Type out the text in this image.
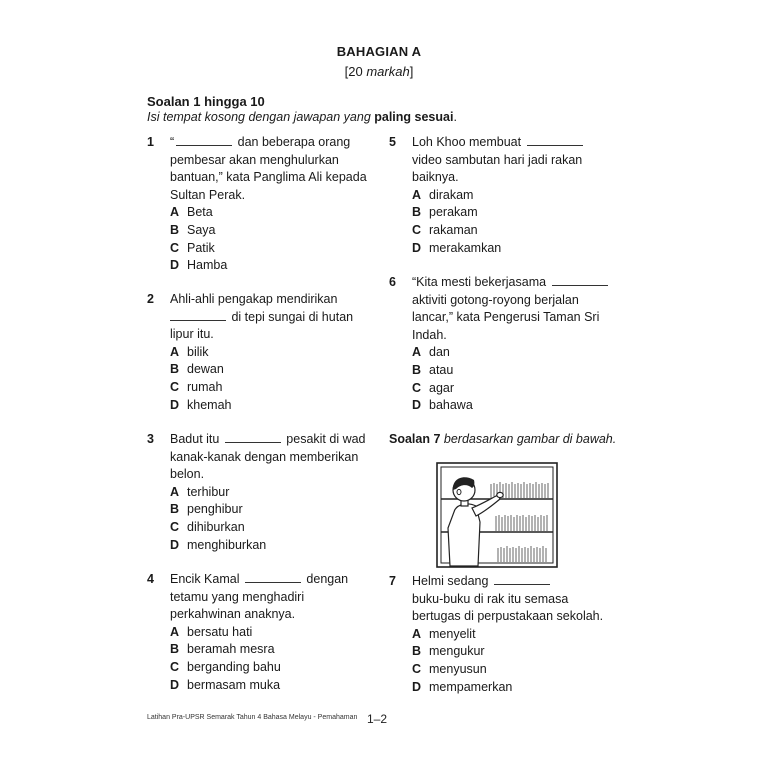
BAHAGIAN A
[20 markah]
Soalan 1 hingga 10
Isi tempat kosong dengan jawapan yang paling sesuai.
1 “	dan beberapa orang
pembesar akan menghulurkan
bantuan,” kata Panglima Ali kepada
Sultan Perak.
A Beta
B Saya
C Patik
D Hamba
2 Ahli-ahli pengakap mendirikan
di tepi sungai di hutan
lipur itu.
A bilik
B dewan
C rumah
D khemah
3 Badut itu	pesakit di wad
kanak-kanak dengan memberikan
belon.
A terhibur
B penghibur
C dihiburkan
D menghiburkan
4 Encik Kamal	dengan
tetamu yang menghadiri
perkahwinan anaknya.
A bersatu hati
B beramah mesra
C berganding bahu
D bermasam muka
5 Loh Khoo membuat
video sambutan hari jadi rakan
baiknya.
A dirakam
B perakam
C rakaman
D merakamkan
6 “Kita mesti bekerjasama
aktiviti gotong-royong berjalan
lancar,” kata Pengerusi Taman Sri
Indah.
A dan
B atau
C agar
D bahawa
Soalan 7 berdasarkan gambar di bawah.
7 Helmi sedang
buku-buku di rak itu semasa
bertugas di perpustakaan sekolah.
A menyelit
B mengukur
C menyusun
D mempamerkan
Latihan Pra-UPSR Semarak Tahun 4 Bahasa Melayu - Pemahaman 1–2
